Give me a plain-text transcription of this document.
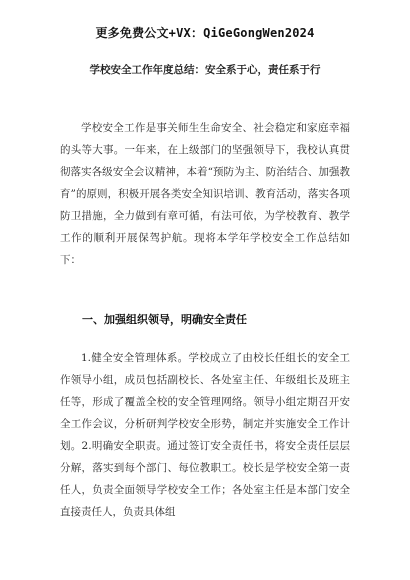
更多免费公文+VX：QiGeGongWen2024
学校安全工作年度总结：安全系于心，责任系于行
学校安全工作是事关师生生命安全、社会稳定和家庭幸福的头等大事。一年来，在上级部门的坚强领导下，我校认真贯彻落实各级安全会议精神，本着“预防为主、防治结合、加强教育”的原则，积极开展各类安全知识培训、教育活动，落实各项防卫措施，全力做到有章可循，有法可依，为学校教育、教学工作的顺利开展保驾护航。现将本学年学校安全工作总结如下：
一、加强组织领导，明确安全责任
1.健全安全管理体系。学校成立了由校长任组长的安全工作领导小组，成员包括副校长、各处室主任、年级组长及班主任等，形成了覆盖全校的安全管理网络。领导小组定期召开安全工作会议，分析研判学校安全形势，制定并实施安全工作计划。2.明确安全职责。通过签订安全责任书，将安全责任层层分解，落实到每个部门、每位教职工。校长是学校安全第一责任人，负责全面领导学校安全工作；各处室主任是本部门安全直接责任人，负责具体组
